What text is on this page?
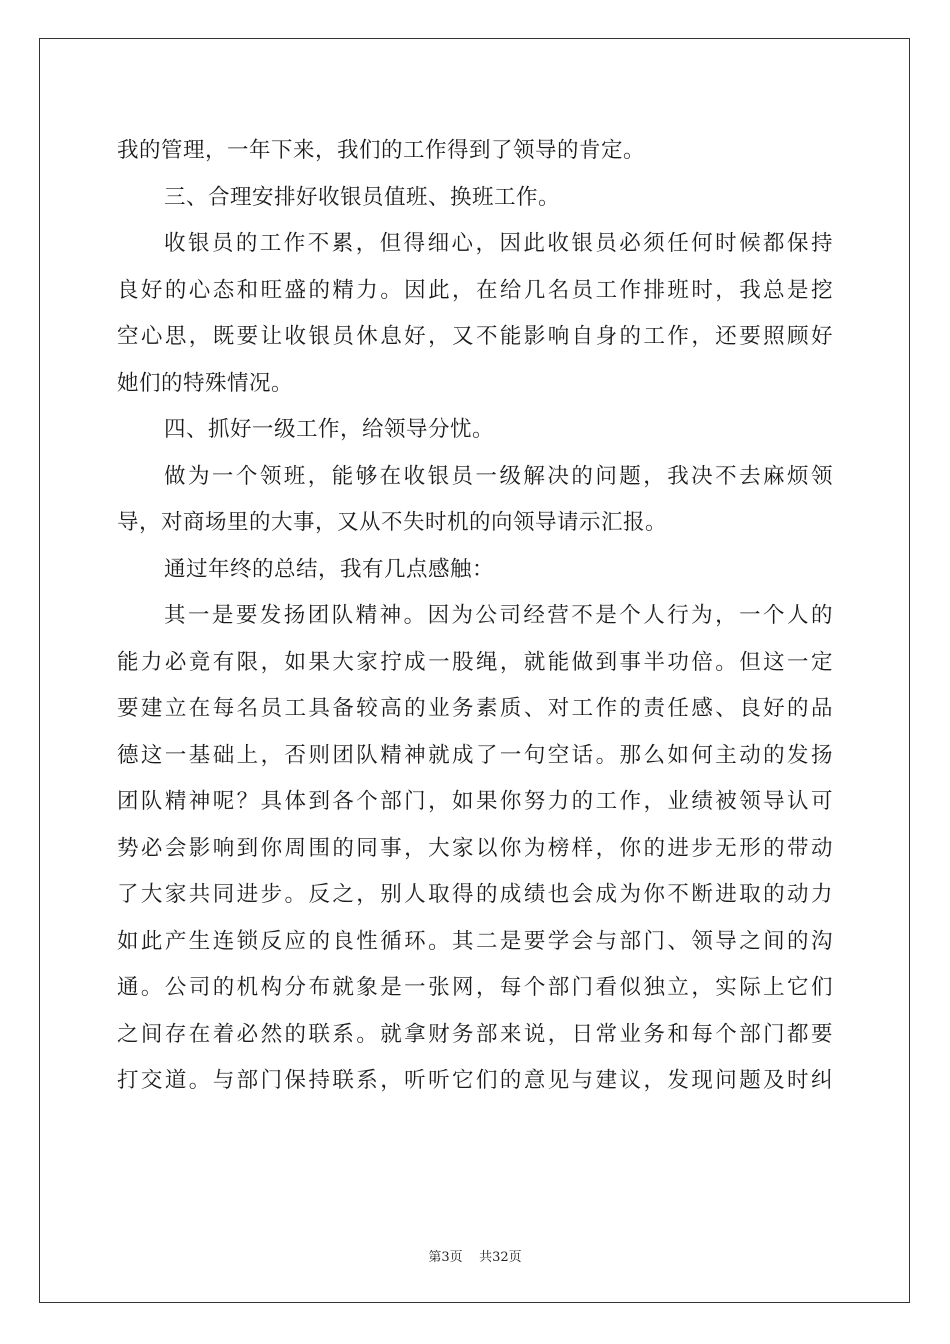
我的管理，一年下来，我们的工作得到了领导的肯定。
三、合理安排好收银员值班、换班工作。
收银员的工作不累，但得细心，因此收银员必须任何时候都保持
良好的心态和旺盛的精力。因此，在给几名员工作排班时，我总是挖
空心思，既要让收银员休息好，又不能影响自身的工作，还要照顾好
她们的特殊情况。
四、抓好一级工作，给领导分忧。
做为一个领班，能够在收银员一级解决的问题，我决不去麻烦领
导，对商场里的大事，又从不失时机的向领导请示汇报。
通过年终的总结，我有几点感触：
其一是要发扬团队精神。因为公司经营不是个人行为，一个人的
能力必竟有限，如果大家拧成一股绳，就能做到事半功倍。但这一定
要建立在每名员工具备较高的业务素质、对工作的责任感、良好的品
德这一基础上，否则团队精神就成了一句空话。那么如何主动的发扬
团队精神呢？具体到各个部门，如果你努力的工作，业绩被领导认可
势必会影响到你周围的同事，大家以你为榜样，你的进步无形的带动
了大家共同进步。反之，别人取得的成绩也会成为你不断进取的动力
如此产生连锁反应的良性循环。其二是要学会与部门、领导之间的沟
通。公司的机构分布就象是一张网，每个部门看似独立，实际上它们
之间存在着必然的联系。就拿财务部来说，日常业务和每个部门都要
打交道。与部门保持联系，听听它们的意见与建议，发现问题及时纠
第3页 共32页
